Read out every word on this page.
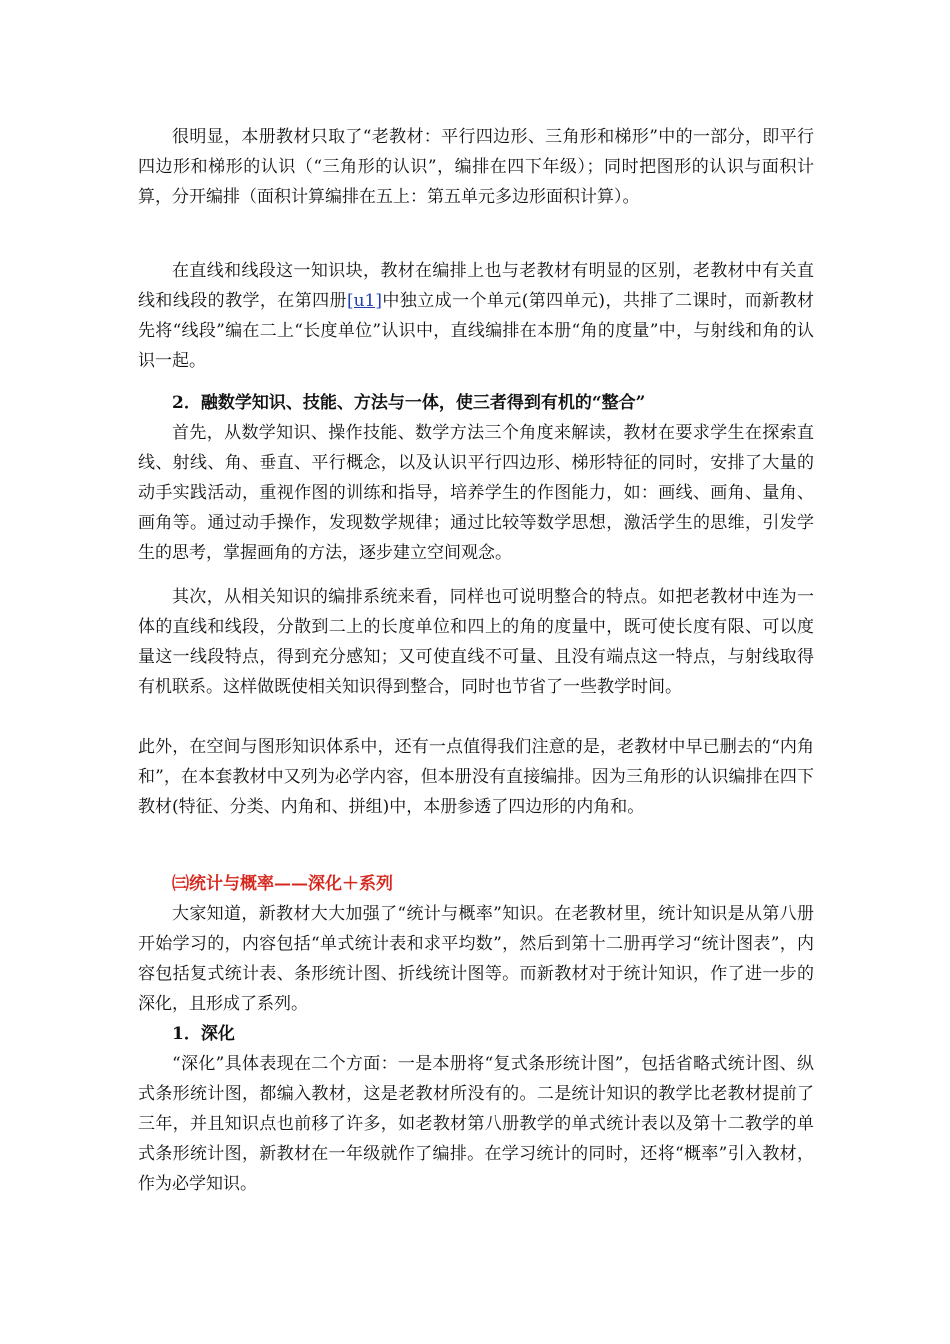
很明显，本册教材只取了“老教材：平行四边形、三角形和梯形”中的一部分，即平行四边形和梯形的认识（“三角形的认识”，编排在四下年级）；同时把图形的认识与面积计算，分开编排（面积计算编排在五上：第五单元多边形面积计算）。

在直线和线段这一知识块，教材在编排上也与老教材有明显的区别，老教材中有关直线和线段的教学，在第四册[u1]中独立成一个单元(第四单元)，共排了二课时，而新教材先将“线段”编在二上“长度单位”认识中，直线编排在本册“角的度量”中，与射线和角的认识一起。

2．融数学知识、技能、方法与一体，使三者得到有机的“整合”

首先，从数学知识、操作技能、数学方法三个角度来解读，教材在要求学生在探索直线、射线、角、垂直、平行概念，以及认识平行四边形、梯形特征的同时，安排了大量的动手实践活动，重视作图的训练和指导，培养学生的作图能力，如：画线、画角、量角、画角等。通过动手操作，发现数学规律；通过比较等数学思想，激活学生的思维，引发学生的思考，掌握画角的方法，逐步建立空间观念。

其次，从相关知识的编排系统来看，同样也可说明整合的特点。如把老教材中连为一体的直线和线段，分散到二上的长度单位和四上的角的度量中，既可使长度有限、可以度量这一线段特点，得到充分感知；又可使直线不可量、且没有端点这一特点，与射线取得有机联系。这样做既使相关知识得到整合，同时也节省了一些教学时间。

此外，在空间与图形知识体系中，还有一点值得我们注意的是，老教材中早已删去的“内角和”，在本套教材中又列为必学内容，但本册没有直接编排。因为三角形的认识编排在四下教材(特征、分类、内角和、拼组)中，本册参透了四边形的内角和。

㈢统计与概率——深化＋系列

大家知道，新教材大大加强了“统计与概率”知识。在老教材里，统计知识是从第八册开始学习的，内容包括“单式统计表和求平均数”，然后到第十二册再学习“统计图表”，内容包括复式统计表、条形统计图、折线统计图等。而新教材对于统计知识，作了进一步的深化，且形成了系列。

1．深化

“深化”具体表现在二个方面：一是本册将“复式条形统计图”，包括省略式统计图、纵式条形统计图，都编入教材，这是老教材所没有的。二是统计知识的教学比老教材提前了三年，并且知识点也前移了许多，如老教材第八册教学的单式统计表以及第十二教学的单式条形统计图，新教材在一年级就作了编排。在学习统计的同时，还将“概率”引入教材，作为必学知识。
